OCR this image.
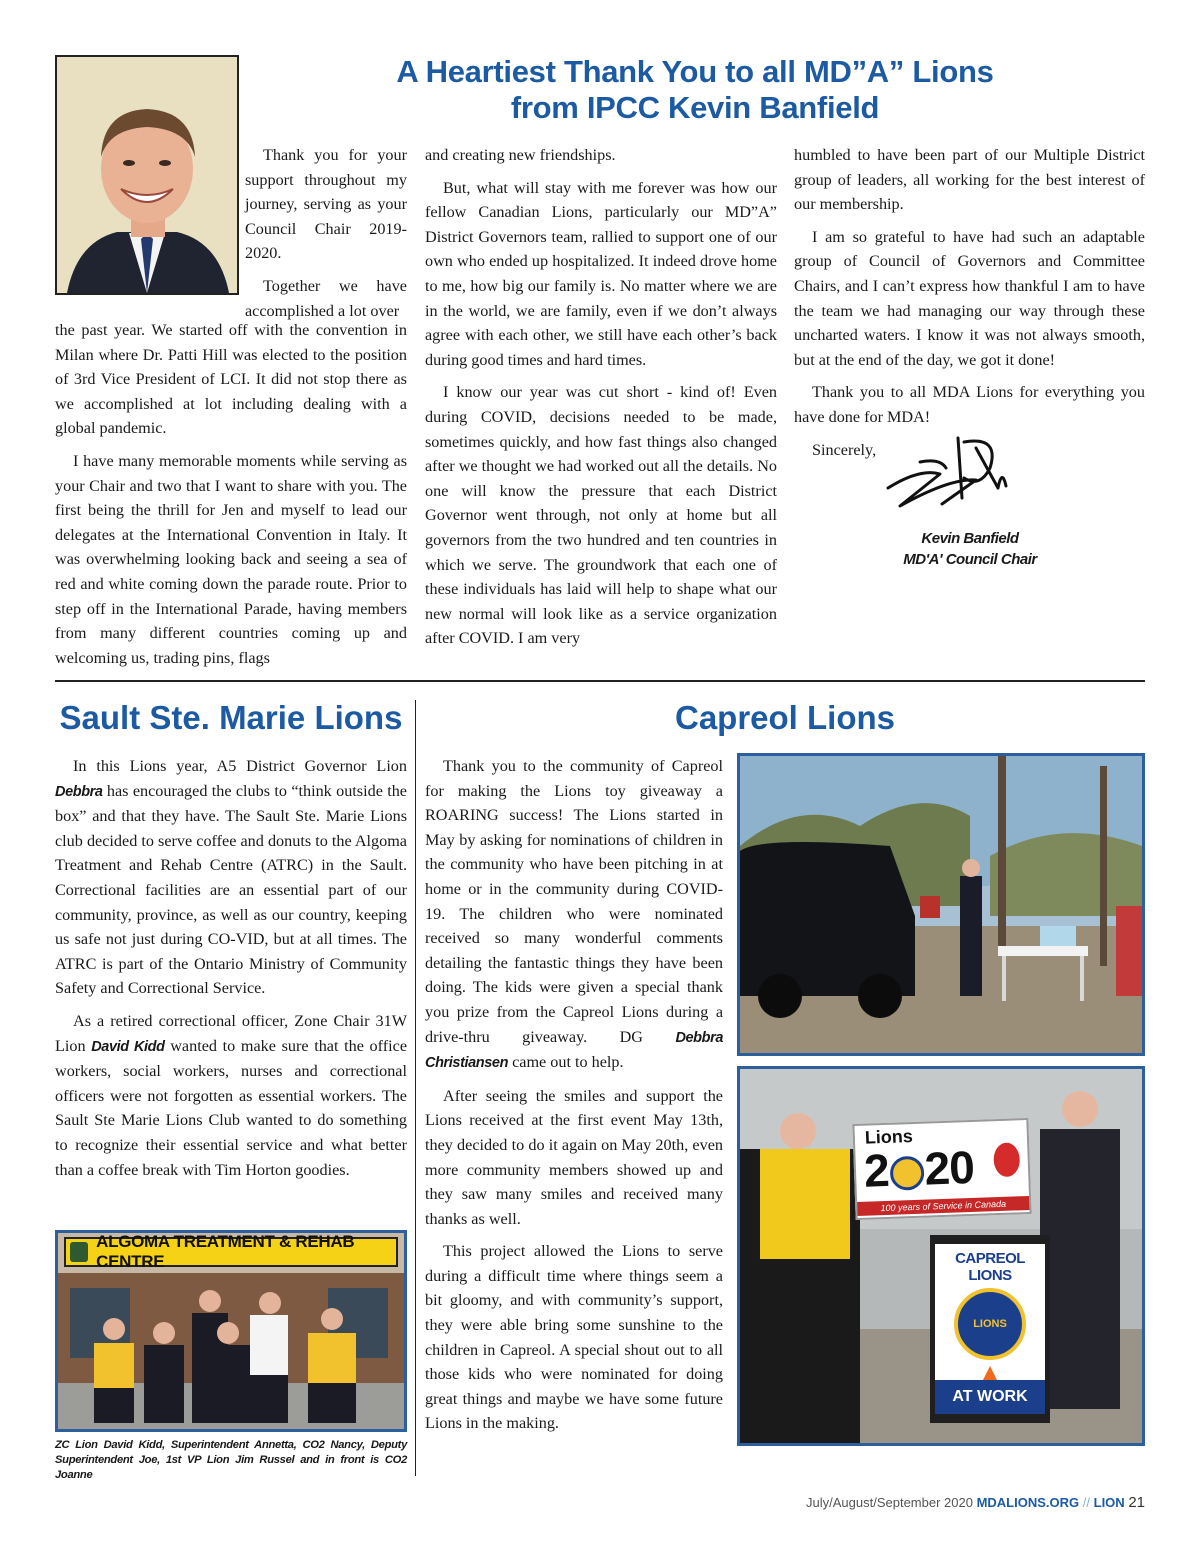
A Heartiest Thank You to all MD”A” Lions
from IPCC Kevin Banfield

Thank you for your support throughout my journey, serving as your Council Chair 2019-2020.

Together we have accomplished a lot over

the past year. We started off with the convention in Milan where Dr. Patti Hill was elected to the position of 3rd Vice President of LCI. It did not stop there as we accomplished at lot including dealing with a global pandemic.

I have many memorable moments while serving as your Chair and two that I want to share with you. The first being the thrill for Jen and myself to lead our delegates at the International Convention in Italy. It was overwhelming looking back and seeing a sea of red and white coming down the parade route. Prior to step off in the International Parade, having members from many different countries coming up and welcoming us, trading pins, flags

and creating new friendships.

But, what will stay with me forever was how our fellow Canadian Lions, particularly our MD”A” District Governors team, rallied to support one of our own who ended up hospitalized. It indeed drove home to me, how big our family is. No matter where we are in the world, we are family, even if we don’t always agree with each other, we still have each other’s back during good times and hard times.

I know our year was cut short - kind of! Even during COVID, decisions needed to be made, sometimes quickly, and how fast things also changed after we thought we had worked out all the details. No one will know the pressure that each District Governor went through, not only at home but all governors from the two hundred and ten countries in which we serve. The groundwork that each one of these individuals has laid will help to shape what our new normal will look like as a service organization after COVID. I am very

humbled to have been part of our Multiple District group of leaders, all working for the best interest of our membership.

I am so grateful to have had such an adaptable group of Council of Governors and Committee Chairs, and I can’t express how thankful I am to have the team we had managing our way through these uncharted waters. I know it was not always smooth, but at the end of the day, we got it done!

Thank you to all MDA Lions for everything you have done for MDA!

Sincerely,

Kevin Banfield
MD'A' Council Chair
Sault Ste. Marie Lions

In this Lions year, A5 District Governor Lion Debbra has encouraged the clubs to “think outside the box” and that they have. The Sault Ste. Marie Lions club decided to serve coffee and donuts to the Algoma Treatment and Rehab Centre (ATRC) in the Sault. Correctional facilities are an essential part of our community, province, as well as our country, keeping us safe not just during CO-VID, but at all times. The ATRC is part of the Ontario Ministry of Community Safety and Correctional Service.

As a retired correctional officer, Zone Chair 31W Lion David Kidd wanted to make sure that the office workers, social workers, nurses and correctional officers were not forgotten as essential workers. The Sault Ste Marie Lions Club wanted to do something to recognize their essential service and what better than a coffee break with Tim Horton goodies.

ALGOMA TREATMENT & REHAB CENTRE
ZC Lion David Kidd, Superintendent Annetta, CO2 Nancy, Deputy Superintendent Joe, 1st VP Lion Jim Russel and in front is CO2 Joanne
Capreol Lions

Thank you to the community of Capreol for making the Lions toy giveaway a ROARING success! The Lions started in May by asking for nominations of children in the community who have been pitching in at home or in the community during COVID-19. The children who were nominated received so many wonderful comments detailing the fantastic things they have been doing. The kids were given a special thank you prize from the Capreol Lions during a drive-thru giveaway. DG Debbra Christiansen came out to help.

After seeing the smiles and support the Lions received at the first event May 13th, they decided to do it again on May 20th, even more community members showed up and they saw many smiles and received many thanks as well.

This project allowed the Lions to serve during a difficult time where things seem a bit gloomy, and with community’s support, they were able bring some sunshine to the children in Capreol. A special shout out to all those kids who were nominated for doing great things and maybe we have some future Lions in the making.

Lions
2 20
100 years of Service in Canada
CAPREOL LIONS
LIONS
AT WORK
July/August/September 2020 MDALIONS.ORG // LION 21
